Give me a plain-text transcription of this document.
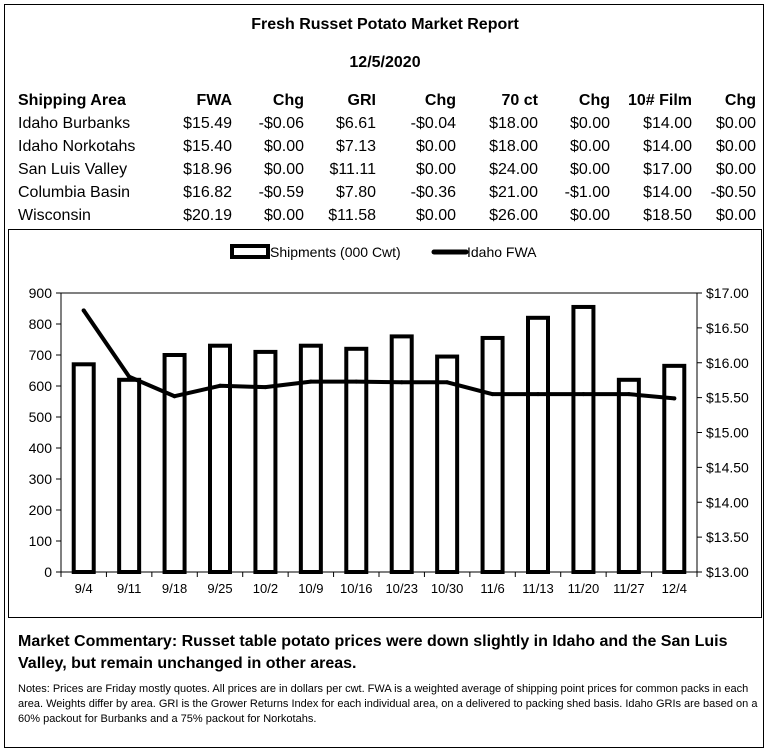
Fresh Russet Potato Market Report
12/5/2020
Shipping Area	FWA	Chg	GRI	Chg	70 ct	Chg	10# Film	Chg
Idaho Burbanks	$15.49	-$0.06	$6.61	-$0.04	$18.00	$0.00	$14.00	$0.00
Idaho Norkotahs	$15.40	$0.00	$7.13	$0.00	$18.00	$0.00	$14.00	$0.00
San Luis Valley	$18.96	$0.00	$11.11	$0.00	$24.00	$0.00	$17.00	$0.00
Columbia Basin	$16.82	-$0.59	$7.80	-$0.36	$21.00	-$1.00	$14.00	-$0.50
Wisconsin	$20.19	$0.00	$11.58	$0.00	$26.00	$0.00	$18.50	$0.00
0
100
200
300
400
500
600
700
800
900
$13.00
$13.50
$14.00
$14.50
$15.00
$15.50
$16.00
$16.50
$17.00
9/4 9/11 9/18 9/25 10/2 10/9 10/16 10/23 10/30 11/6 11/13 11/20 11/27 12/4
Shipments (000 Cwt)	Idaho FWA
Market Commentary: Russet table potato prices were down slightly in Idaho and the San Luis Valley, but remain unchanged in other areas.
Notes: Prices are Friday mostly quotes. All prices are in dollars per cwt. FWA is a weighted average of shipping point prices for common packs in each area. Weights differ by area. GRI is the Grower Returns Index for each individual area, on a delivered to packing shed basis. Idaho GRIs are based on a 60% packout for Burbanks and a 75% packout for Norkotahs.
